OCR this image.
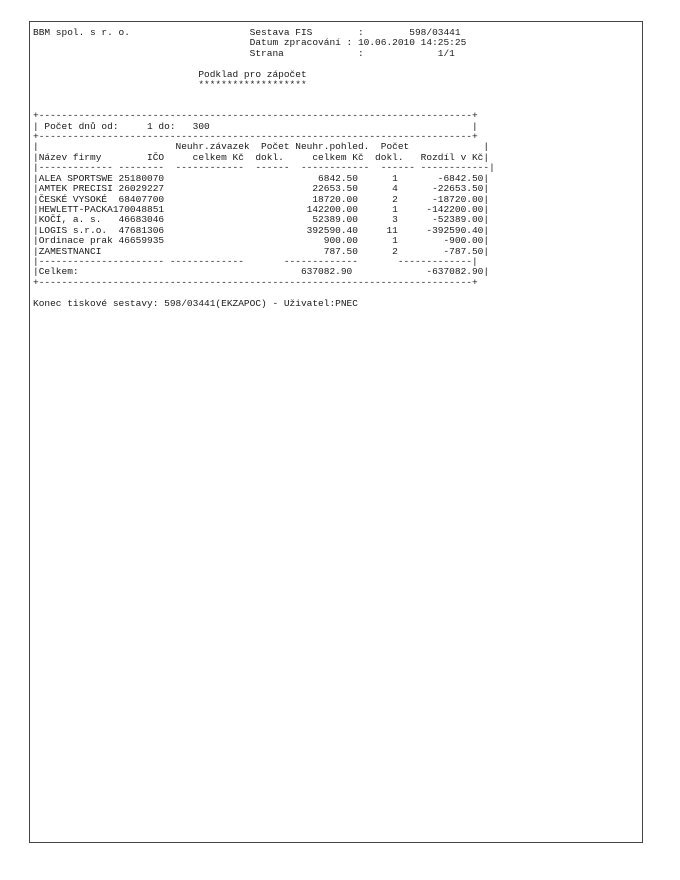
BBM spol. s r. o.                     Sestava FIS        :        598/03441
Datum zpracování : 10.06.2010 14:25:25
Strana             :             1/1

Podklad pro zápočet
*******************

+----------------------------------------------------------------------------+
| Počet dnů od:     1 do:   300                                              |
+----------------------------------------------------------------------------+
|                        Neuhr.závazek  Počet Neuhr.pohled.  Počet             |
|Název firmy        IČO     celkem Kč  dokl.     celkem Kč  dokl.   Rozdíl v Kč|
|------------- --------  ------------  ------  ------------  ------ ------------|
|ALEA SPORTSWE 25180070                           6842.50      1       -6842.50|
|AMTEK PRECISI 26029227                          22653.50      4      -22653.50|
|ČESKÉ VYSOKÉ  68407700                          18720.00      2      -18720.00|
|HEWLETT-PACKA170048851                         142200.00      1     -142200.00|
|KOČÍ, a. s.   46683046                          52389.00      3      -52389.00|
|LOGIS s.r.o.  47681306                         392590.40     11     -392590.40|
|Ordinace prak 46659935                            900.00      1        -900.00|
|ZAMESTNANCI                                       787.50      2        -787.50|
|---------------------- -------------       -------------       -------------|
|Celkem:                                       637082.90             -637082.90|
+----------------------------------------------------------------------------+

Konec tiskové sestavy: 598/03441(EKZAPOC) - Uživatel:PNEC
